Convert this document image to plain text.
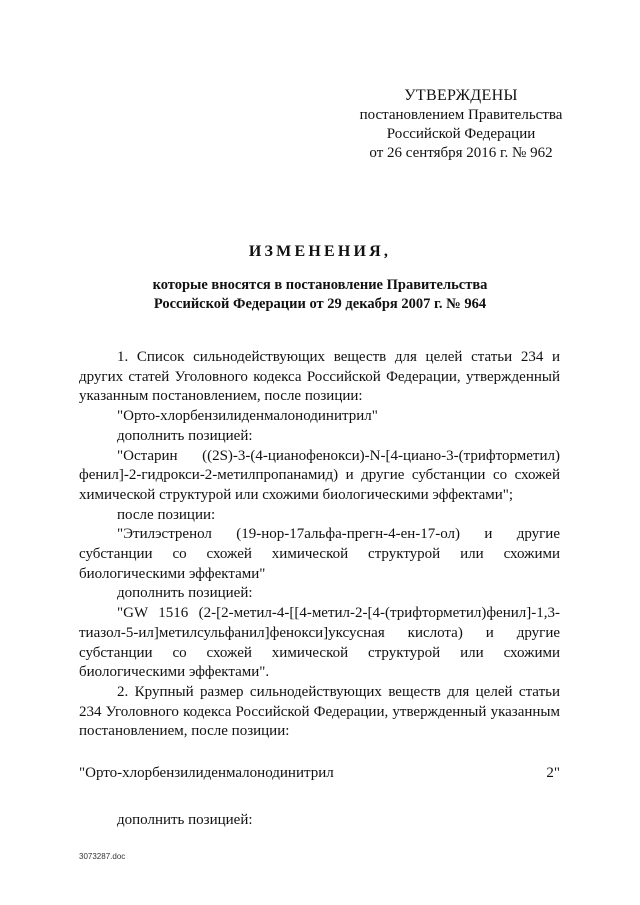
УТВЕРЖДЕНЫ
постановлением Правительства
Российской Федерации
от 26 сентября 2016 г. № 962
ИЗМЕНЕНИЯ,
которые вносятся в постановление Правительства
Российской Федерации от 29 декабря 2007 г. № 964

1. Список сильнодействующих веществ для целей статьи 234 и других статей Уголовного кодекса Российской Федерации, утвержденный указанным постановлением, после позиции:

"Орто-хлорбензилиденмалонодинитрил"

дополнить позицией:

"Остарин ((2S)-3-(4-цианофенокси)-N-[4-циано-3-(трифторметил) фенил]-2-гидрокси-2-метилпропанамид) и другие субстанции со схожей химической структурой или схожими биологическими эффектами";

после позиции:

"Этилэстренол (19-нор-17альфа-прегн-4-ен-17-ол) и другие субстанции со схожей химической структурой или схожими биологическими эффектами"

дополнить позицией:

"GW 1516 (2-[2-метил-4-[[4-метил-2-[4-(трифторметил)фенил]-1,3-тиазол-5-ил]метилсульфанил]фенокси]уксусная кислота) и другие субстанции со схожей химической структурой или схожими биологическими эффектами".

2. Крупный размер сильнодействующих веществ для целей статьи 234 Уголовного кодекса Российской Федерации, утвержденный указанным постановлением, после позиции:

"Орто-хлорбензилиденмалонодинитрил	2"

дополнить позицией:

3073287.doc
